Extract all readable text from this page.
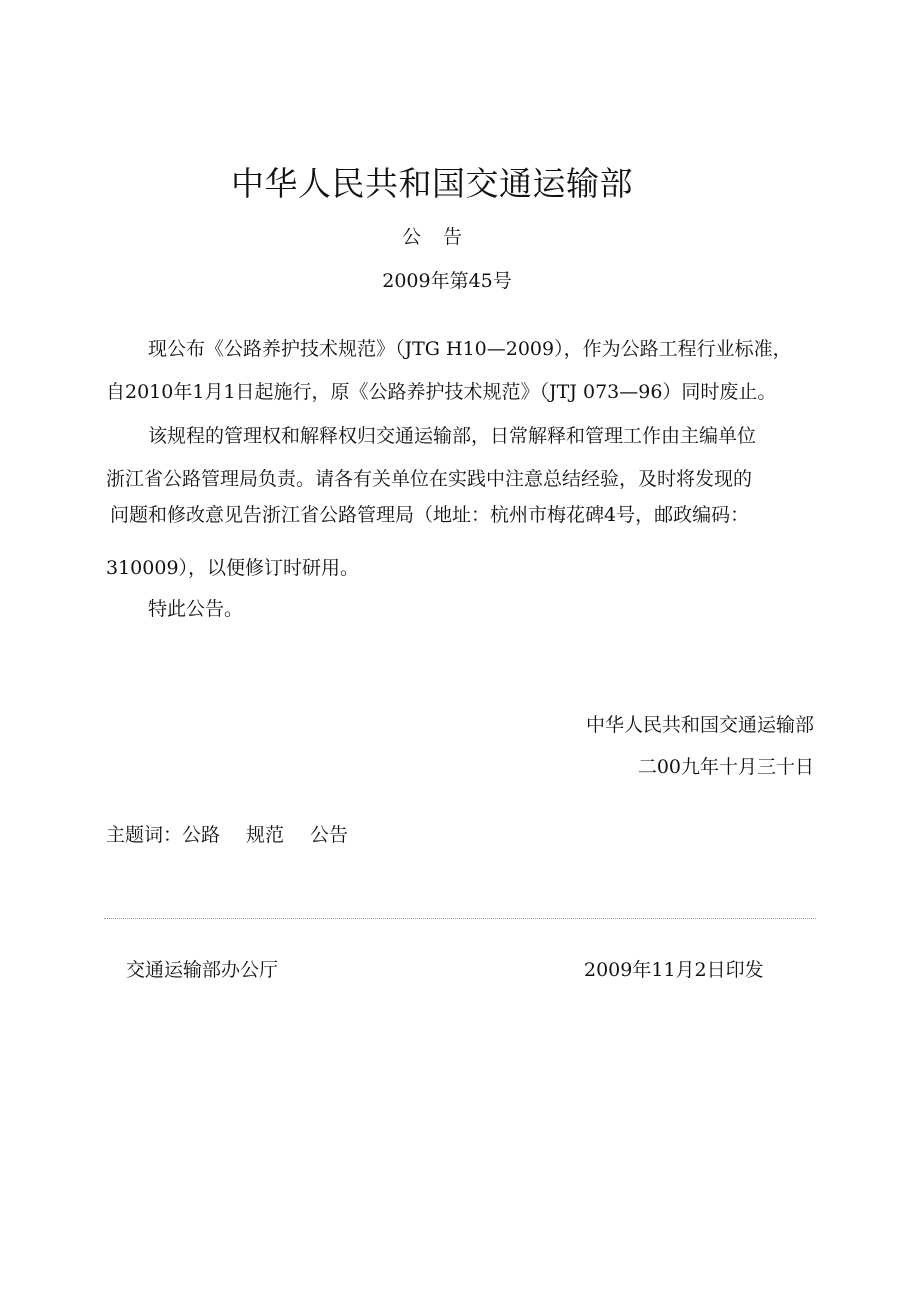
中华人民共和国交通运输部
公告
2009年第45号
现公布《公路养护技术规范》（JTG H10—2009），作为公路工程行业标准，
自2010年1月1日起施行，原《公路养护技术规范》（JTJ 073—96）同时废止。
该规程的管理权和解释权归交通运输部，日常解释和管理工作由主编单位
浙江省公路管理局负责。请各有关单位在实践中注意总结经验，及时将发现的
问题和修改意见告浙江省公路管理局（地址：杭州市梅花碑4号，邮政编码：
310009），以便修订时研用。
特此公告。
中华人民共和国交通运输部
二00九年十月三十日
主题词：公路 规范 公告
交通运输部办公厅	2009年11月2日印发
